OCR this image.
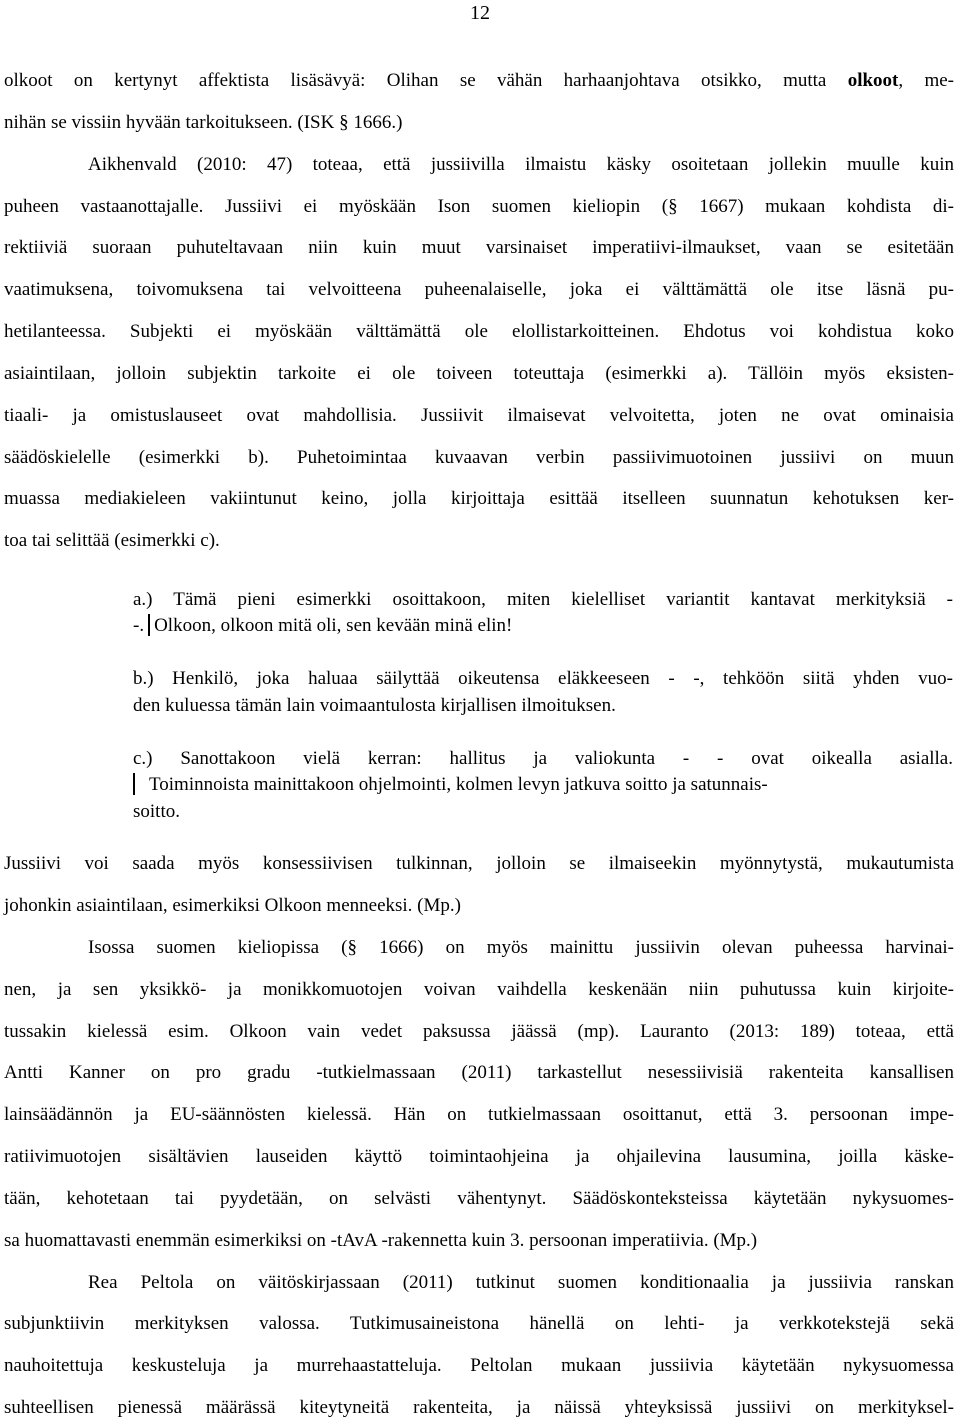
12
olkoot on kertynyt affektista lisäsävyä: Olihan se vähän harhaanjohtava otsikko, mutta olkoot, me-
nihän se vissiin hyvään tarkoitukseen. (ISK § 1666.)
Aikhenvald (2010: 47) toteaa, että jussiivilla ilmaistu käsky osoitetaan jollekin muulle kuin
puheen vastaanottajalle. Jussiivi ei myöskään Ison suomen kieliopin (§ 1667) mukaan kohdista di-
rektiiviä suoraan puhuteltavaan niin kuin muut varsinaiset imperatiivi-ilmaukset, vaan se esitetään
vaatimuksena, toivomuksena tai velvoitteena puheenalaiselle, joka ei välttämättä ole itse läsnä pu-
hetilanteessa. Subjekti ei myöskään välttämättä ole elollistarkoitteinen. Ehdotus voi kohdistua koko
asiaintilaan, jolloin subjektin tarkoite ei ole toiveen toteuttaja (esimerkki a). Tällöin myös eksisten-
tiaali- ja omistuslauseet ovat mahdollisia. Jussiivit ilmaisevat velvoitetta, joten ne ovat ominaisia
säädöskielelle (esimerkki b). Puhetoimintaa kuvaavan verbin passiivimuotoinen jussiivi on muun
muassa mediakieleen vakiintunut keino, jolla kirjoittaja esittää itselleen suunnatun kehotuksen ker-
toa tai selittää (esimerkki c).
a.) Tämä pieni esimerkki osoittakoon, miten kielelliset variantit kantavat merkityksiä -
-. Olkoon, olkoon mitä oli, sen kevään minä elin!
b.) Henkilö, joka haluaa säilyttää oikeutensa eläkkeeseen - -, tehköön siitä yhden vuo-
den kuluessa tämän lain voimaantulosta kirjallisen ilmoituksen.
c.) Sanottakoon vielä kerran: hallitus ja valiokunta - - ovat oikealla asialla.
Toiminnoista mainittakoon ohjelmointi, kolmen levyn jatkuva soitto ja satunnais-
soitto.
Jussiivi voi saada myös konsessiivisen tulkinnan, jolloin se ilmaiseekin myönnytystä, mukautumista
johonkin asiaintilaan, esimerkiksi Olkoon menneeksi. (Mp.)
Isossa suomen kieliopissa (§ 1666) on myös mainittu jussiivin olevan puheessa harvinai-
nen, ja sen yksikkö- ja monikkomuotojen voivan vaihdella keskenään niin puhutussa kuin kirjoite-
tussakin kielessä esim. Olkoon vain vedet paksussa jäässä (mp). Lauranto (2013: 189) toteaa, että
Antti Kanner on pro gradu -tutkielmassaan (2011) tarkastellut nesessiivisiä rakenteita kansallisen
lainsäädännön ja EU-säännösten kielessä. Hän on tutkielmassaan osoittanut, että 3. persoonan impe-
ratiivimuotojen sisältävien lauseiden käyttö toimintaohjeina ja ohjailevina lausumina, joilla käske-
tään, kehotetaan tai pyydetään, on selvästi vähentynyt. Säädöskonteksteissa käytetään nykysuomes-
sa huomattavasti enemmän esimerkiksi on -tAvA -rakennetta kuin 3. persoonan imperatiivia. (Mp.)
Rea Peltola on väitöskirjassaan (2011) tutkinut suomen konditionaalia ja jussiivia ranskan
subjunktiivin merkityksen valossa. Tutkimusaineistona hänellä on lehti- ja verkkotekstejä sekä
nauhoitettuja keskusteluja ja murrehaastatteluja. Peltolan mukaan jussiivia käytetään nykysuomessa
suhteellisen pienessä määrässä kiteytyneitä rakenteita, ja näissä yhteyksissä jussiivi on merkityksel-
